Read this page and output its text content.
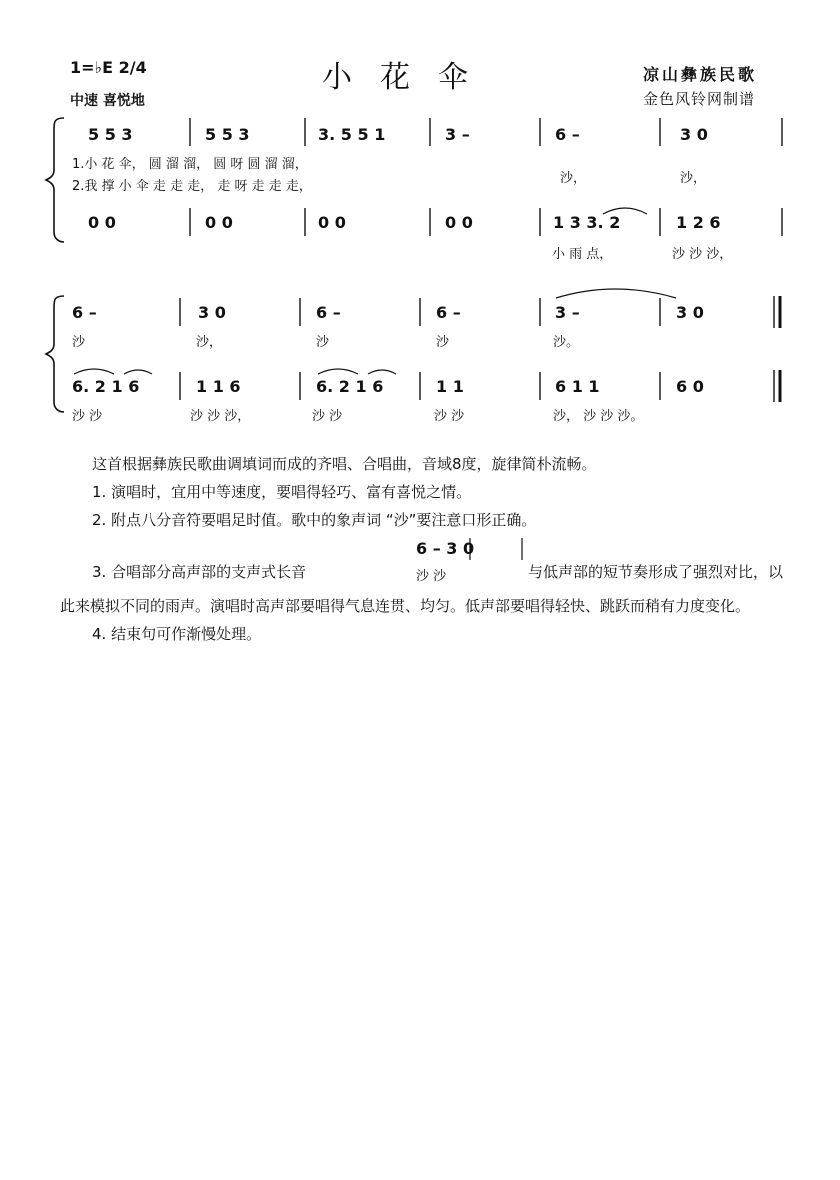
1=♭E 2/4
中速 喜悦地
小花伞	凉山彝族民歌
金色风铃网制谱
5 5 3	5 5 3	3. 5 5 1	3 –	6 –	3 0
1.小 花 伞， 圆 溜 溜， 圆 呀 圆 溜 溜，
2.我 撑 小 伞 走 走 走， 走 呀 走 走 走，
沙，	沙，
0 0	0 0	0 0	0 0	1 3 3. 2	1 2 6
小 雨 点，	沙 沙 沙，
6 –	3 0	6 –	6 –	3 –	3 0
沙	沙，	沙	沙	沙。
6. 2 1 6	1 1 6	6. 2 1 6	1 1	6 1 1	6 0
沙 沙	沙 沙 沙，	沙 沙	沙 沙	沙， 沙 沙 沙。

这首根据彝族民歌曲调填词而成的齐唱、合唱曲，音域8度，旋律简朴流畅。

1. 演唱时，宜用中等速度，要唱得轻巧、富有喜悦之情。

2. 附点八分音符要唱足时值。歌中的象声词 “沙”要注意口形正确。

3. 合唱部分高声部的支声式长音
6 – 3 0
沙 沙	与低声部的短节奏形成了强烈对比，以

此来模拟不同的雨声。演唱时高声部要唱得气息连贯、均匀。低声部要唱得轻快、跳跃而稍有力度变化。

4. 结束句可作渐慢处理。
